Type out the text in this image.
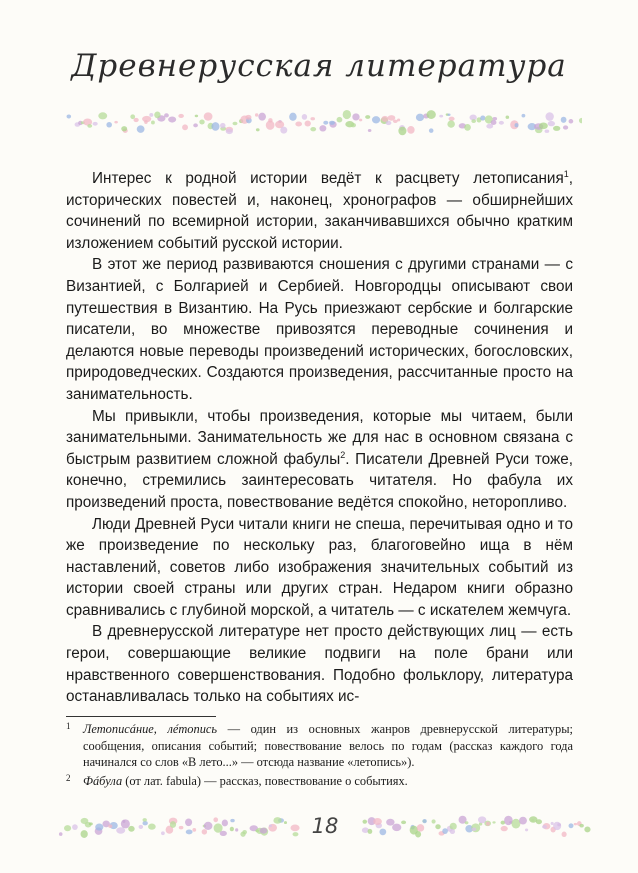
Древнерусская литература

Интерес к родной истории ведёт к расцвету летописания$^1$, исторических повестей и, наконец, хронографов — обширнейших сочинений по всемирной истории, заканчивавшихся обычно кратким изложением событий русской истории.

В этот же период развиваются сношения с другими странами — с Византией, с Болгарией и Сербией. Новгородцы описывают свои путешествия в Византию. На Русь приезжают сербские и болгарские писатели, во множестве привозятся переводные сочинения и делаются новые переводы произведений исторических, богословских, природоведческих. Создаются произведения, рассчитанные просто на занимательность.

Мы привыкли, чтобы произведения, которые мы читаем, были занимательными. Занимательность же для нас в основном связана с быстрым развитием сложной фабулы$^2$. Писатели Древней Руси тоже, конечно, стремились заинтересовать читателя. Но фабула их произведений проста, повествование ведётся спокойно, неторопливо.

Люди Древней Руси читали книги не спеша, перечитывая одно и то же произведение по нескольку раз, благоговейно ища в нём наставлений, советов либо изображения значительных событий из истории своей страны или других стран. Недаром книги образно сравнивались с глубиной морской, а читатель — с искателем жемчуга.

В древнерусской литературе нет просто действующих лиц — есть герои, совершающие великие подвиги на поле брани или нравственного совершенствования. Подобно фольклору, литература останавливалась только на событиях ис-

1 Летописáние, лéтопись — один из основных жанров древнерусской литературы; сообщения, описания событий; повествование велось по годам (рассказ каждого года начинался со слов «В лето...» — отсюда название «летопись»).
2 Фáбула (от лат. fabula) — рассказ, повествование о событиях.
18
